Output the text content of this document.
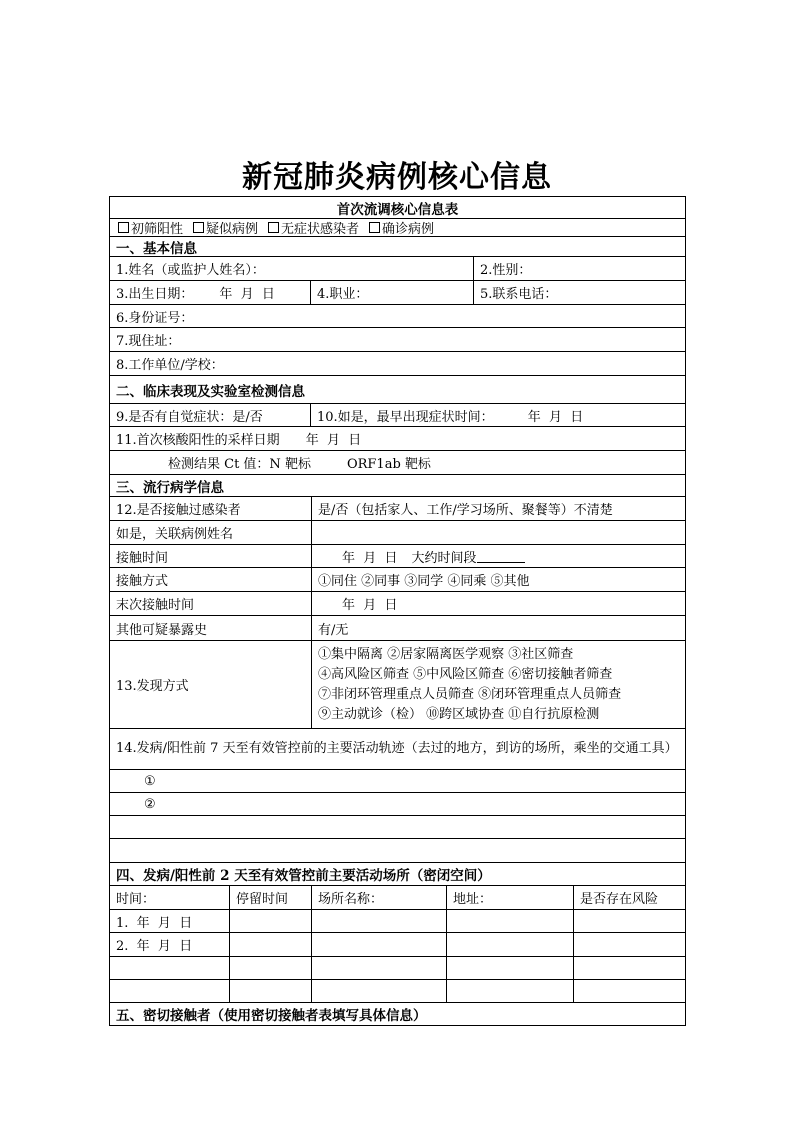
新冠肺炎病例核心信息
首次流调核心信息表
初筛阳性 疑似病例 无症状感染者 确诊病例
一、基本信息
1.姓名（或监护人姓名）：	2.性别：
3.出生日期： 年  月  日	4.职业：	5.联系电话：
6.身份证号：
7.现住址：
8.工作单位/学校：
二、临床表现及实验室检测信息
9.是否有自觉症状：是/否	10.如是，最早出现症状时间：	年  月  日
11.首次核酸阳性的采样日期 年  月  日
检测结果 Ct 值：N 靶标	ORF1ab 靶标
三、流行病学信息
12.是否接触过感染者	是/否（包括家人、工作/学习场所、聚餐等）不清楚
如是，关联病例姓名
接触时间	年  月  日 大约时间段
接触方式	①同住 ②同事 ③同学 ④同乘 ⑤其他
末次接触时间	年  月  日
其他可疑暴露史	有/无
13.发现方式
①集中隔离 ②居家隔离医学观察 ③社区筛查
④高风险区筛查 ⑤中风险区筛查 ⑥密切接触者筛查
⑦非闭环管理重点人员筛查 ⑧闭环管理重点人员筛查
⑨主动就诊（检） ⑩跨区域协查 ⑪自行抗原检测
14.发病/阳性前 7 天至有效管控前的主要活动轨迹（去过的地方，到访的场所，乘坐的交通工具）
①
②
四、发病/阳性前 2 天至有效管控前主要活动场所（密闭空间）
时间：	停留时间	场所名称：	地址：	是否存在风险
1.  年  月  日
2.  年  月  日
五、密切接触者（使用密切接触者表填写具体信息）
